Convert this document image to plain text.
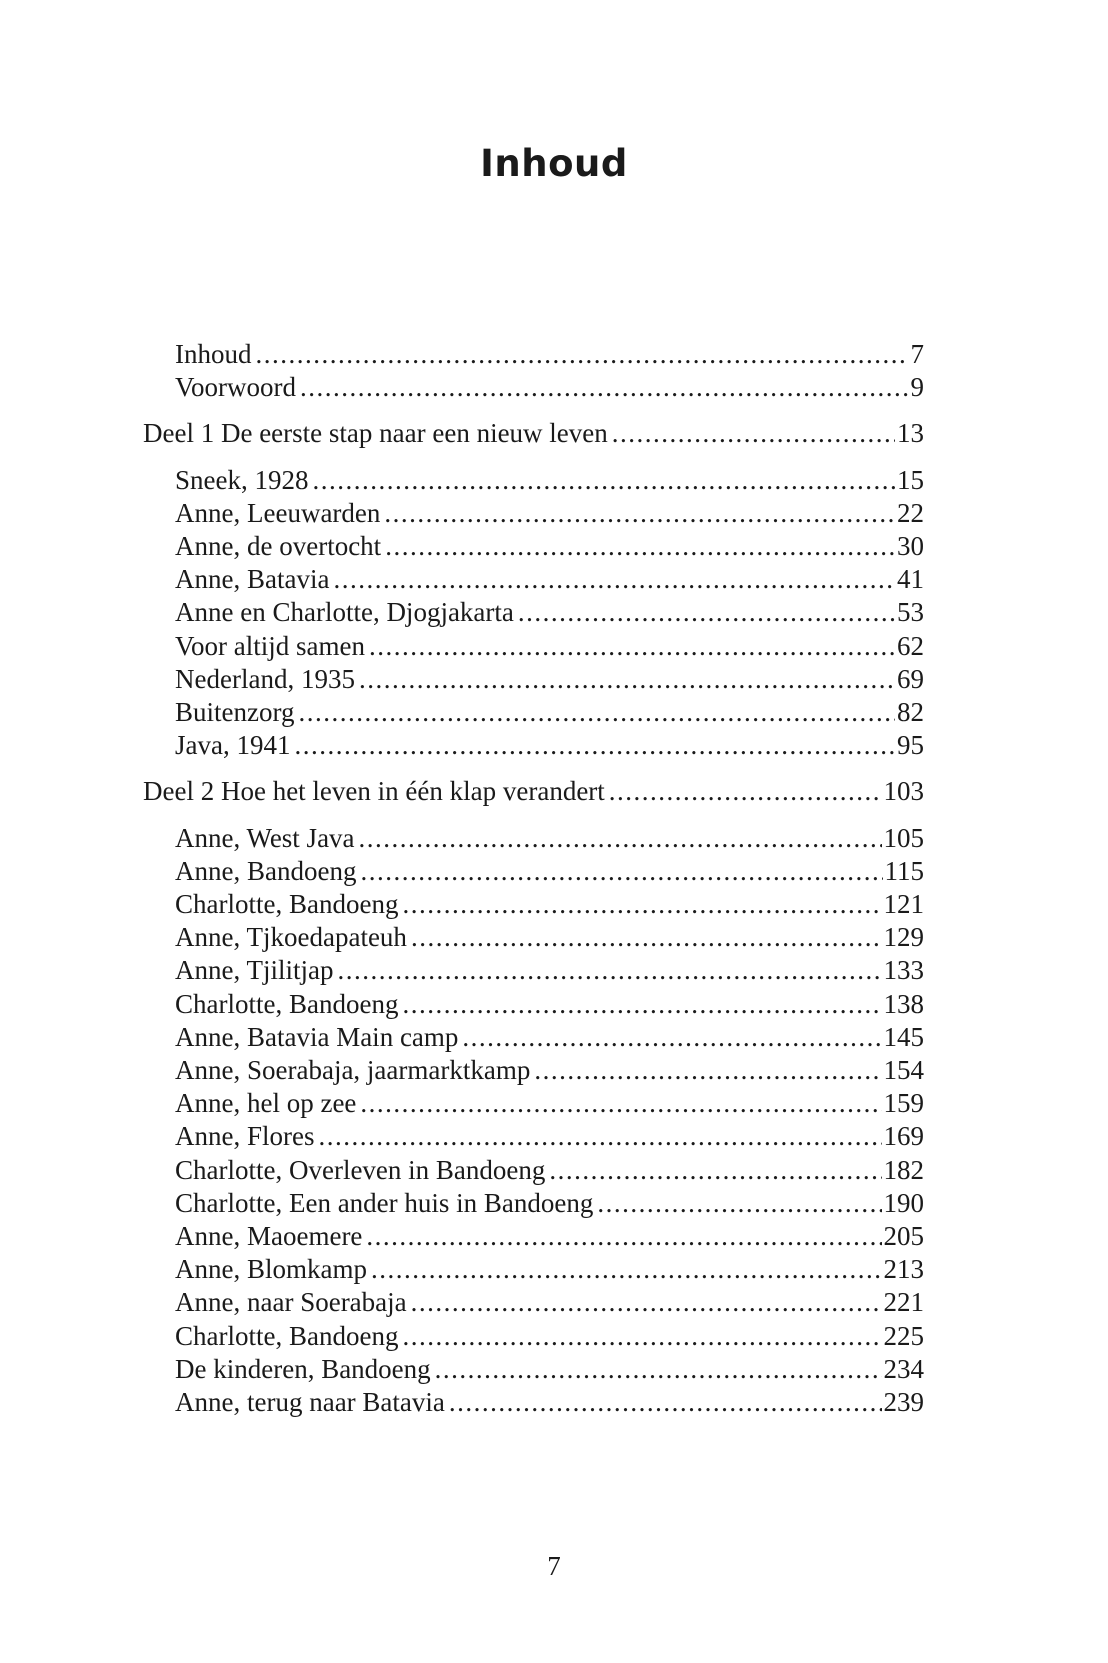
Inhoud
Inhoud .....	7
Voorwoord .....	9
Deel 1 De eerste stap naar een nieuw leven .....	13
Sneek, 1928 .....	15
Anne, Leeuwarden .....	22
Anne, de overtocht .....	30
Anne, Batavia .....	41
Anne en Charlotte, Djogjakarta .....	53
Voor altijd samen .....	62
Nederland, 1935 .....	69
Buitenzorg .....	82
Java, 1941 .....	95
Deel 2 Hoe het leven in één klap verandert .....	103
Anne, West Java .....	105
Anne, Bandoeng .....	115
Charlotte, Bandoeng .....	121
Anne, Tjkoedapateuh .....	129
Anne, Tjilitjap .....	133
Charlotte, Bandoeng .....	138
Anne, Batavia Main camp .....	145
Anne, Soerabaja, jaarmarktkamp .....	154
Anne, hel op zee .....	159
Anne, Flores .....	169
Charlotte, Overleven in Bandoeng .....	182
Charlotte, Een ander huis in Bandoeng .....	190
Anne, Maoemere .....	205
Anne, Blomkamp .....	213
Anne, naar Soerabaja .....	221
Charlotte, Bandoeng .....	225
De kinderen, Bandoeng .....	234
Anne, terug naar Batavia .....	239
7
